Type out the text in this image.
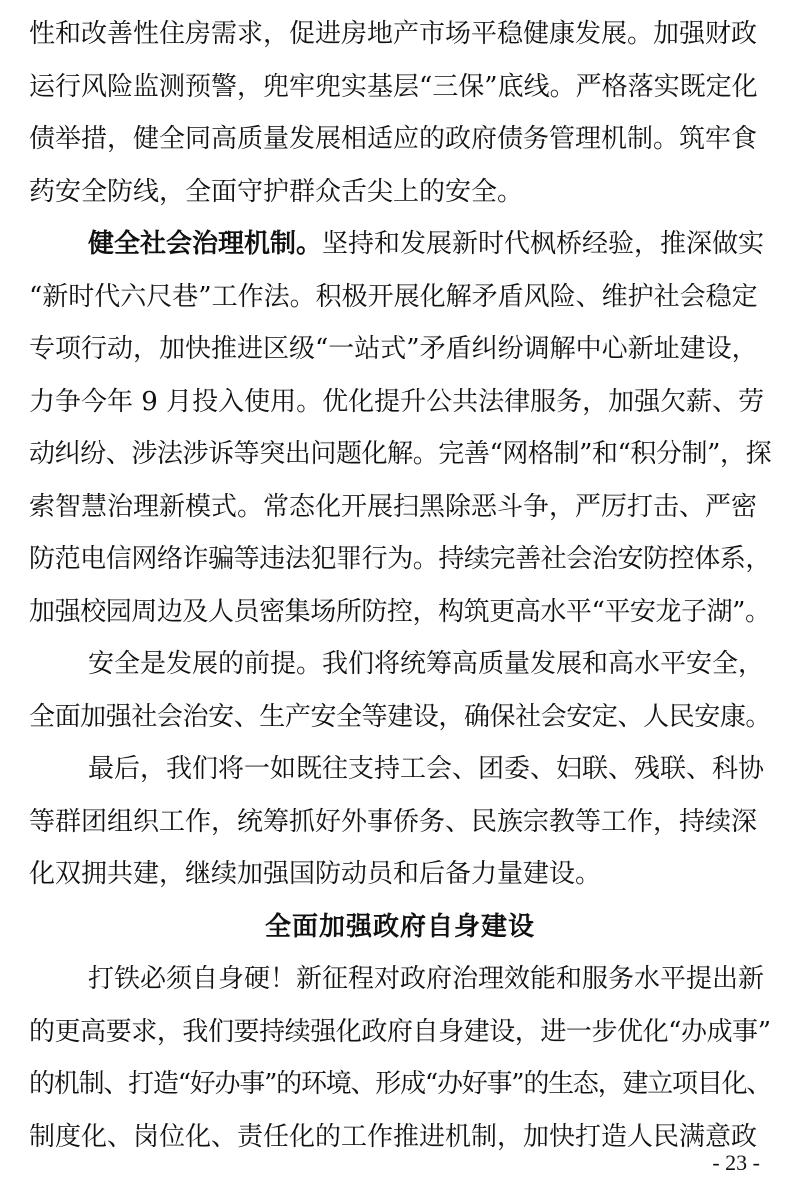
性和改善性住房需求，促进房地产市场平稳健康发展。加强财政
运行风险监测预警，兜牢兜实基层“三保”底线。严格落实既定化
债举措，健全同高质量发展相适应的政府债务管理机制。筑牢食
药安全防线，全面守护群众舌尖上的安全。
健全社会治理机制。坚持和发展新时代枫桥经验，推深做实
“新时代六尺巷”工作法。积极开展化解矛盾风险、维护社会稳定
专项行动，加快推进区级“一站式”矛盾纠纷调解中心新址建设，
力争今年 9 月投入使用。优化提升公共法律服务，加强欠薪、劳
动纠纷、涉法涉诉等突出问题化解。完善“网格制”和“积分制”，探
索智慧治理新模式。常态化开展扫黑除恶斗争，严厉打击、严密
防范电信网络诈骗等违法犯罪行为。持续完善社会治安防控体系，
加强校园周边及人员密集场所防控，构筑更高水平“平安龙子湖”。
安全是发展的前提。我们将统筹高质量发展和高水平安全，
全面加强社会治安、生产安全等建设，确保社会安定、人民安康。
最后，我们将一如既往支持工会、团委、妇联、残联、科协
等群团组织工作，统筹抓好外事侨务、民族宗教等工作，持续深
化双拥共建，继续加强国防动员和后备力量建设。
全面加强政府自身建设
打铁必须自身硬！新征程对政府治理效能和服务水平提出新
的更高要求，我们要持续强化政府自身建设，进一步优化“办成事”
的机制、打造“好办事”的环境、形成“办好事”的生态，建立项目化、
制度化、岗位化、责任化的工作推进机制，加快打造人民满意政
- 23 -
